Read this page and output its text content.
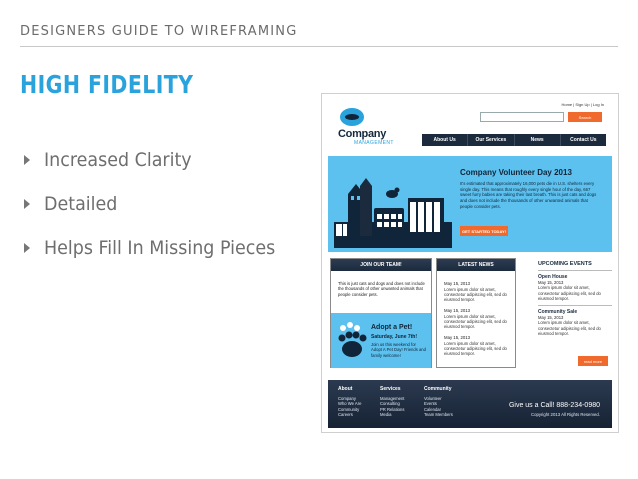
DESIGNERS GUIDE TO WIREFRAMING
HIGH FIDELITY
Increased Clarity
Detailed
Helps Fill In Missing Pieces
Home | Sign Up | Log In
Search
Company
MANAGEMENT	About Us	Our Services	News	Contact Us
Company Volunteer Day 2013
It's estimated that approximately 16,000 pets die in U.S. shelters every single day. This means that roughly every single hour of the day, 667 sweet furry babies are taking their last breath. This is just cats and dogs and does not include the thousands of other unwanted animals that people consider pets.
GET STARTED TODAY!
JOIN OUR TEAM!
This is just cats and dogs and does not include the thousands of other unwanted animals that people consider pets.
Adopt a Pet!
Saturday, June 7th!
Join us this weekend for Adopt A Pet Day! Friends and family welcome!
LATEST NEWS
May 15, 2013
Lorem ipsum dolor sit amet, consectetur adipiscing elit, sed do eiusmod tempor.
May 15, 2013
Lorem ipsum dolor sit amet, consectetur adipiscing elit, sed do eiusmod tempor.
May 15, 2013
Lorem ipsum dolor sit amet, consectetur adipiscing elit, sed do eiusmod tempor.
UPCOMING EVENTS
Open House
May 15, 2013
Lorem ipsum dolor sit amet, consectetur adipiscing elit, sed do eiusmod tempor.
Community Sale
May 15, 2013
Lorem ipsum dolor sit amet, consectetur adipiscing elit, sed do eiusmod tempor.
read more
About
Company
Who We Are
Community
Careers
Services
Management
Consulting
PR Relations
Media
Community
Volunteer
Events
Calendar
Team Members
Give us a Call! 888-234-0980
Copyright 2013 All Rights Reserved.
